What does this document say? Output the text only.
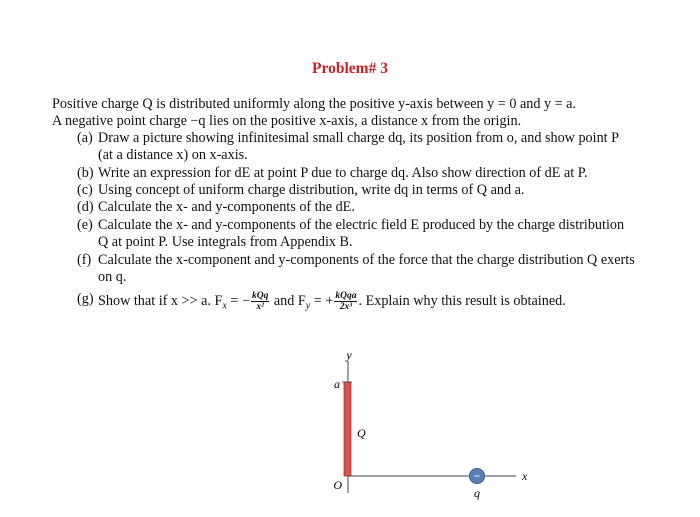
Problem# 3
Positive charge Q is distributed uniformly along the positive y-axis between y = 0 and y = a.
A negative point charge −q lies on the positive x-axis, a distance x from the origin.
(a) Draw a picture showing infinitesimal small charge dq, its position from o, and show point P
(at a distance x) on x-axis.
(b) Write an expression for dE at point P due to charge dq. Also show direction of dE at P.
(c) Using concept of uniform charge distribution, write dq in terms of Q and a.
(d) Calculate the x- and y-components of the dE.
(e) Calculate the x- and y-components of the electric field E produced by the charge distribution
Q at point P. Use integrals from Appendix B.
(f) Calculate the x-component and y-components of the force that the charge distribution Q exerts
on q.
(g) Show that if x >> a. $F_x$ = − $\frac{\text{kQq}}{\text{x²}}$ and $F_y$ = + $\frac{\text{kQqa}}{\text{2x³}}$ . Explain why this result is obtained.
−
y
x
a
O
Q
q
